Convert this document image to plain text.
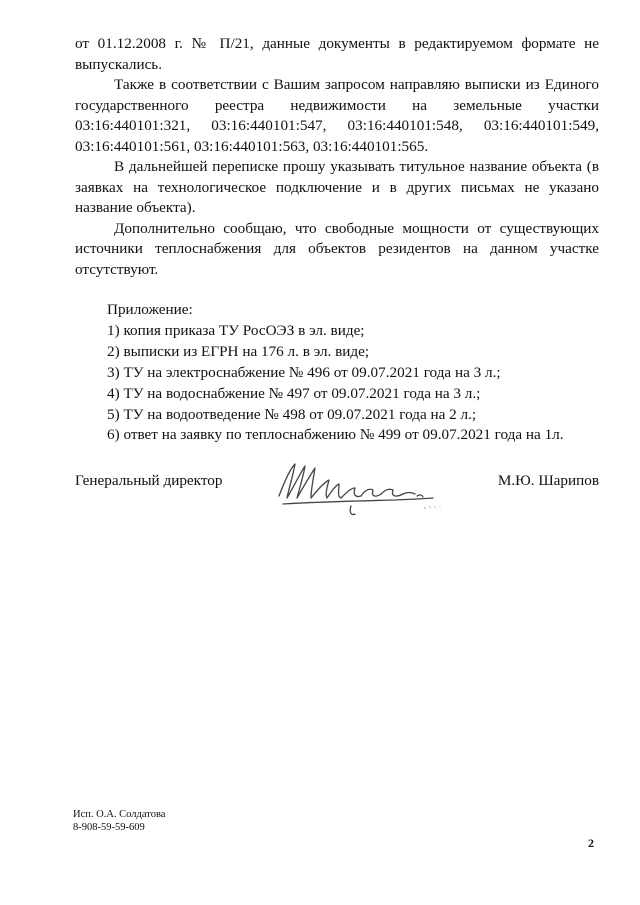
от 01.12.2008 г. № П/21, данные документы в редактируемом формате не выпускались.

Также в соответствии с Вашим запросом направляю выписки из Единого государственного реестра недвижимости на земельные участки 03:16:440101:321, 03:16:440101:547, 03:16:440101:548, 03:16:440101:549, 03:16:440101:561, 03:16:440101:563, 03:16:440101:565.

В дальнейшей переписке прошу указывать титульное название объекта (в заявках на технологическое подключение и в других письмах не указано название объекта).

Дополнительно сообщаю, что свободные мощности от существующих источники теплоснабжения для объектов резидентов на данном участке отсутствуют.

Приложение:
1) копия приказа ТУ РосОЭЗ в эл. виде;
2) выписки из ЕГРН на 176 л. в эл. виде;
3) ТУ на электроснабжение № 496 от 09.07.2021 года на 3 л.;
4) ТУ на водоснабжение № 497 от 09.07.2021 года на 3 л.;
5) ТУ на водоотведение № 498 от 09.07.2021 года на 2 л.;
6) ответ на заявку по теплоснабжению № 499 от 09.07.2021 года на 1л.
Генеральный директор	М.Ю. Шарипов
Исп. О.А. Солдатова
8-908-59-59-609
2
